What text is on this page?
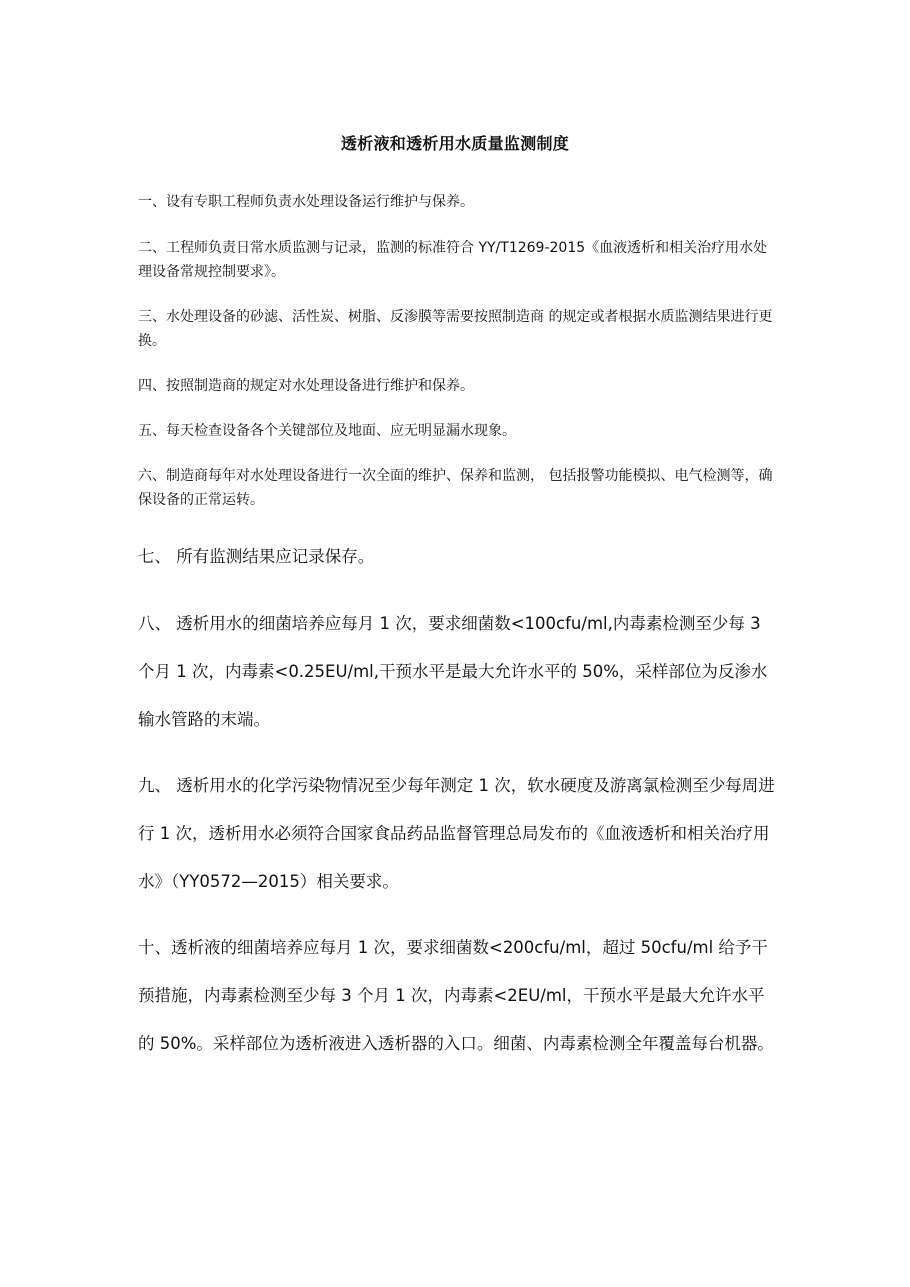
透析液和透析用水质量监测制度

一、设有专职工程师负责水处理设备运行维护与保养。

二、工程师负责日常水质监测与记录，监测的标准符合 YY/T1269-2015《血液透析和相关治疗用水处理设备常规控制要求》。

三、水处理设备的砂滤、活性炭、树脂、反渗膜等需要按照制造商 的规定或者根据水质监测结果进行更换。

四、按照制造商的规定对水处理设备进行维护和保养。

五、每天检查设备各个关键部位及地面、应无明显漏水现象。

六、制造商每年对水处理设备进行一次全面的维护、保养和监测， 包括报警功能模拟、电气检测等，确保设备的正常运转。

七、 所有监测结果应记录保存。

八、 透析用水的细菌培养应每月 1 次，要求细菌数<100cfu/ml,内毒素检测至少每 3 个月 1 次，内毒素<0.25EU/ml,干预水平是最大允许水平的 50%，采样部位为反渗水输水管路的末端。

九、 透析用水的化学污染物情况至少每年测定 1 次，软水硬度及游离氯检测至少每周进行 1 次，透析用水必须符合国家食品药品监督管理总局发布的《血液透析和相关治疗用水》（YY0572—2015）相关要求。

十、透析液的细菌培养应每月 1 次，要求细菌数<200cfu/ml，超过 50cfu/ml 给予干预措施，内毒素检测至少每 3 个月 1 次，内毒素<2EU/ml，干预水平是最大允许水平的 50%。采样部位为透析液进入透析器的入口。细菌、内毒素检测全年覆盖每台机器。
